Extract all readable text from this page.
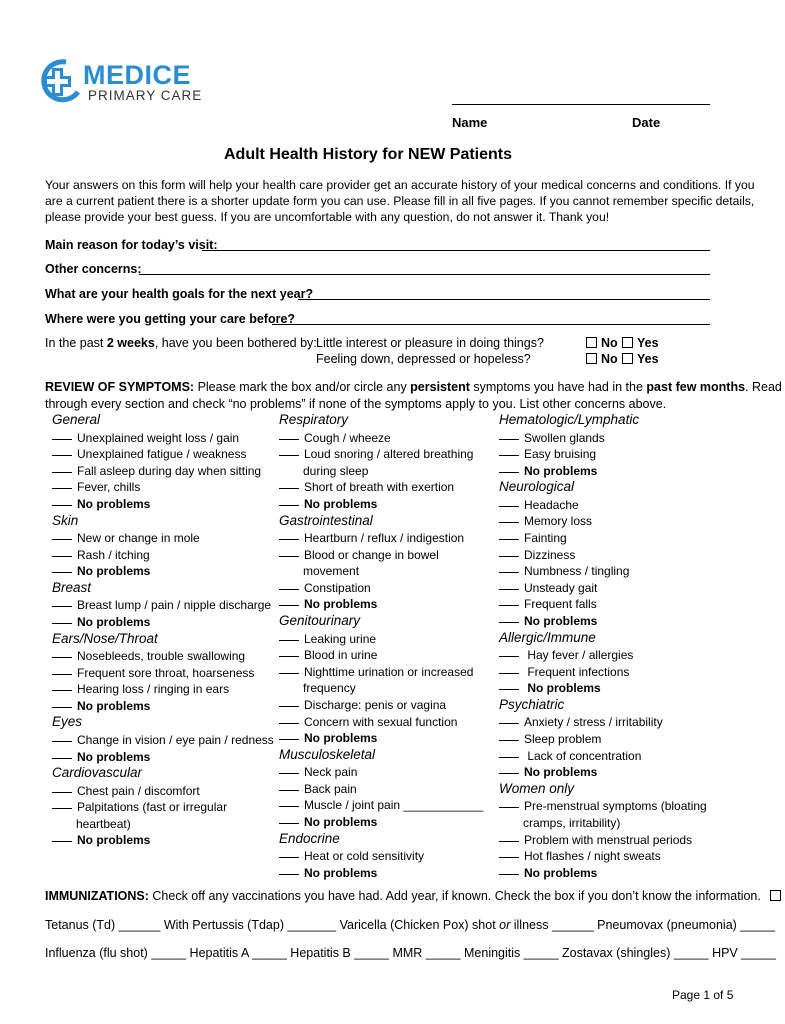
MEDICE
PRIMARY CARE
Name	Date
Adult Health History for NEW Patients
Your answers on this form will help your health care provider get an accurate history of your medical concerns and conditions. If you
are a current patient there is a shorter update form you can use. Please fill in all five pages. If you cannot remember specific details,
please provide your best guess. If you are uncomfortable with any question, do not answer it. Thank you!
Main reason for today’s visit:
Other concerns:
What are your health goals for the next year?
Where were you getting your care before?
In the past 2 weeks, have you been bothered by: Little interest or pleasure in doing things?	No	Yes
Feeling down, depressed or hopeless?	No	Yes
REVIEW OF SYMPTOMS: Please mark the box and/or circle any persistent symptoms you have had in the past few months. Read
through every section and check “no problems” if none of the symptoms apply to you. List other concerns above.
General
Unexplained weight loss / gain
Unexplained fatigue / weakness
Fall asleep during day when sitting
Fever, chills
No problems
Skin
New or change in mole
Rash / itching
No problems
Breast
Breast lump / pain / nipple discharge
No problems
Ears/Nose/Throat
Nosebleeds, trouble swallowing
Frequent sore throat, hoarseness
Hearing loss / ringing in ears
No problems
Eyes
Change in vision / eye pain / redness
No problems
Cardiovascular
Chest pain / discomfort
Palpitations (fast or irregular
heartbeat)
No problems
Respiratory
Cough / wheeze
Loud snoring / altered breathing
during sleep
Short of breath with exertion
No problems
Gastrointestinal
Heartburn / reflux / indigestion
Blood or change in bowel
movement
Constipation
No problems
Genitourinary
Leaking urine
Blood in urine
Nighttime urination or increased
frequency
Discharge: penis or vagina
Concern with sexual function
No problems
Musculoskeletal
Neck pain
Back pain
Muscle / joint pain ____________
No problems
Endocrine
Heat or cold sensitivity
No problems
Hematologic/Lymphatic
Swollen glands
Easy bruising
No problems
Neurological
Headache
Memory loss
Fainting
Dizziness
Numbness / tingling
Unsteady gait
Frequent falls
No problems
Allergic/Immune
Hay fever / allergies
Frequent infections
No problems
Psychiatric
Anxiety / stress / irritability
Sleep problem
Lack of concentration
No problems
Women only
Pre-menstrual symptoms (bloating
cramps, irritability)
Problem with menstrual periods
Hot flashes / night sweats
No problems
IMMUNIZATIONS: Check off any vaccinations you have had. Add year, if known. Check the box if you don’t know the information.
Tetanus (Td) ______ With Pertussis (Tdap) _______ Varicella (Chicken Pox) shot or illness ______ Pneumovax (pneumonia) _____
Influenza (flu shot) _____ Hepatitis A _____ Hepatitis B _____ MMR _____ Meningitis _____ Zostavax (shingles) _____ HPV _____
Page 1 of 5
